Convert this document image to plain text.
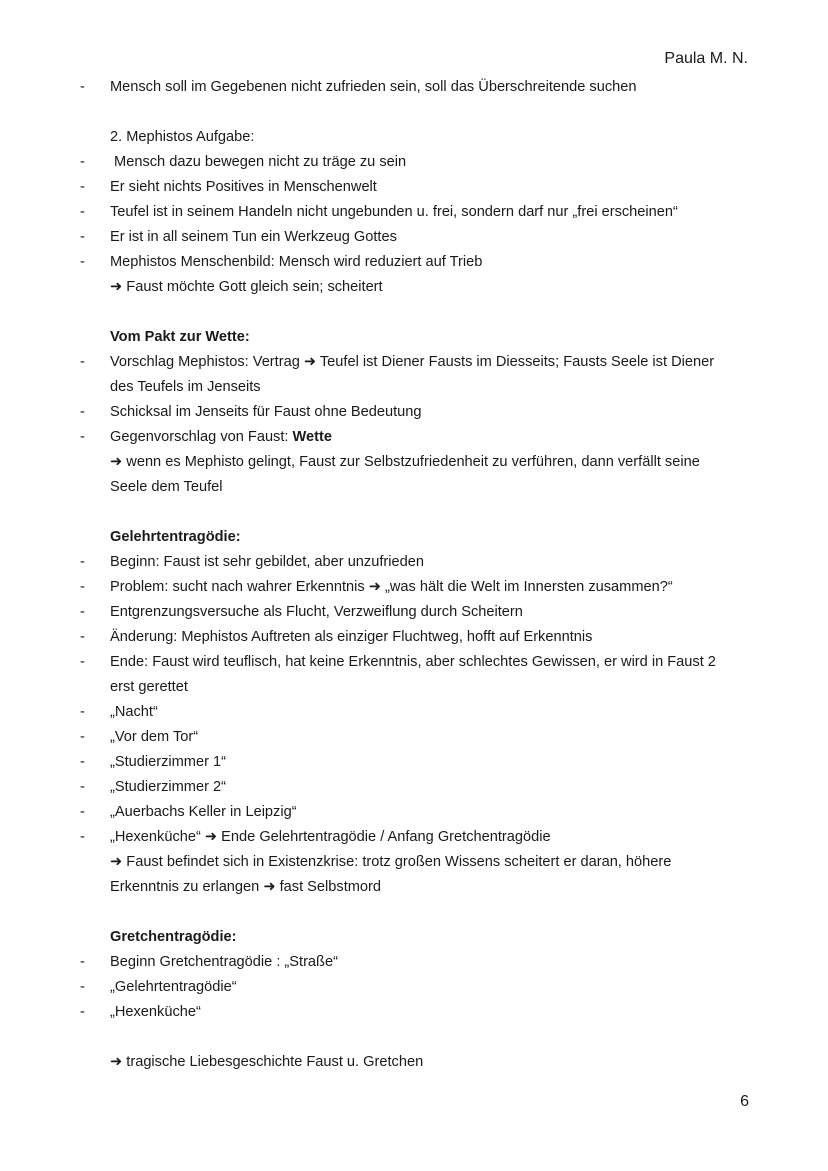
Paula M. N.
- Mensch soll im Gegebenen nicht zufrieden sein, soll das Überschreitende suchen
2. Mephistos Aufgabe:
-  Mensch dazu bewegen nicht zu träge zu sein
- Er sieht nichts Positives in Menschenwelt
- Teufel ist in seinem Handeln nicht ungebunden u. frei, sondern darf nur „frei erscheinen“
- Er ist in all seinem Tun ein Werkzeug Gottes
- Mephistos Menschenbild: Mensch wird reduziert auf Trieb
➜ Faust möchte Gott gleich sein; scheitert
Vom Pakt zur Wette:
- Vorschlag Mephistos: Vertrag ➜ Teufel ist Diener Fausts im Diesseits; Fausts Seele ist Diener
des Teufels im Jenseits
- Schicksal im Jenseits für Faust ohne Bedeutung
- Gegenvorschlag von Faust: Wette
➜ wenn es Mephisto gelingt, Faust zur Selbstzufriedenheit zu verführen, dann verfällt seine
Seele dem Teufel
Gelehrtentragödie:
- Beginn: Faust ist sehr gebildet, aber unzufrieden
- Problem: sucht nach wahrer Erkenntnis ➜ „was hält die Welt im Innersten zusammen?“
- Entgrenzungsversuche als Flucht, Verzweiflung durch Scheitern
- Änderung: Mephistos Auftreten als einziger Fluchtweg, hofft auf Erkenntnis
- Ende: Faust wird teuflisch, hat keine Erkenntnis, aber schlechtes Gewissen, er wird in Faust 2
erst gerettet
- „Nacht“
- „Vor dem Tor“
- „Studierzimmer 1“
- „Studierzimmer 2“
- „Auerbachs Keller in Leipzig“
- „Hexenküche“ ➜ Ende Gelehrtentragödie / Anfang Gretchentragödie
➜ Faust befindet sich in Existenzkrise: trotz großen Wissens scheitert er daran, höhere
Erkenntnis zu erlangen ➜ fast Selbstmord
Gretchentragödie:
- Beginn Gretchentragödie : „Straße“
- „Gelehrtentragödie“
- „Hexenküche“
➜ tragische Liebesgeschichte Faust u. Gretchen
6
